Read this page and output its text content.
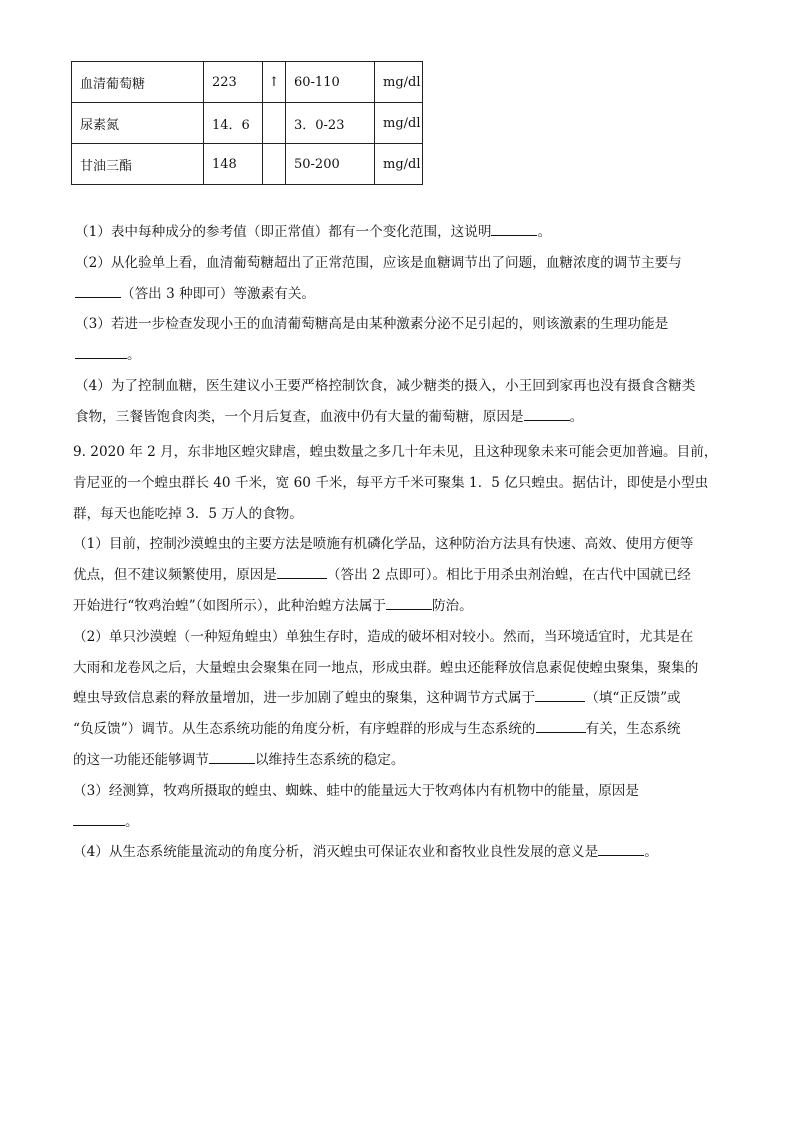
血清葡萄糖	223	↑	60-110	mg/dl
尿素氮	14．6		3．0-23	mg/dl
甘油三酯	148		50-200	mg/dl

（1）表中每种成分的参考值（即正常值）都有一个变化范围，这说明	。

（2）从化验单上看，血清葡萄糖超出了正常范围，应该是血糖调节出了问题，血糖浓度的调节主要与

（答出 3 种即可）等激素有关。

（3）若进一步检查发现小王的血清葡萄糖高是由某种激素分泌不足引起的，则该激素的生理功能是

。

（4）为了控制血糖，医生建议小王要严格控制饮食，减少糖类的摄入，小王回到家再也没有摄食含糖类

食物，三餐皆饱食肉类，一个月后复查，血液中仍有大量的葡萄糖，原因是	。

9. 2020 年 2 月，东非地区蝗灾肆虐，蝗虫数量之多几十年未见，且这种现象未来可能会更加普遍。目前，

肯尼亚的一个蝗虫群长 40 千米，宽 60 千米，每平方千米可聚集 1．5 亿只蝗虫。据估计，即使是小型虫

群，每天也能吃掉 3．5 万人的食物。

（1）目前，控制沙漠蝗虫的主要方法是喷施有机磷化学品，这种防治方法具有快速、高效、使用方便等

优点，但不建议频繁使用，原因是	（答出 2 点即可）。相比于用杀虫剂治蝗，在古代中国就已经

开始进行“牧鸡治蝗”（如图所示），此种治蝗方法属于	防治。

（2）单只沙漠蝗（一种短角蝗虫）单独生存时，造成的破坏相对较小。然而，当环境适宜时，尤其是在

大雨和龙卷风之后，大量蝗虫会聚集在同一地点，形成虫群。蝗虫还能释放信息素促使蝗虫聚集，聚集的

蝗虫导致信息素的释放量增加，进一步加剧了蝗虫的聚集，这种调节方式属于	（填“正反馈”或

“负反馈”）调节。从生态系统功能的角度分析，有序蝗群的形成与生态系统的	有关，生态系统

的这一功能还能够调节	以维持生态系统的稳定。

（3）经测算，牧鸡所摄取的蝗虫、蜘蛛、蛙中的能量远大于牧鸡体内有机物中的能量，原因是

。

（4）从生态系统能量流动的角度分析，消灭蝗虫可保证农业和畜牧业良性发展的意义是	。
